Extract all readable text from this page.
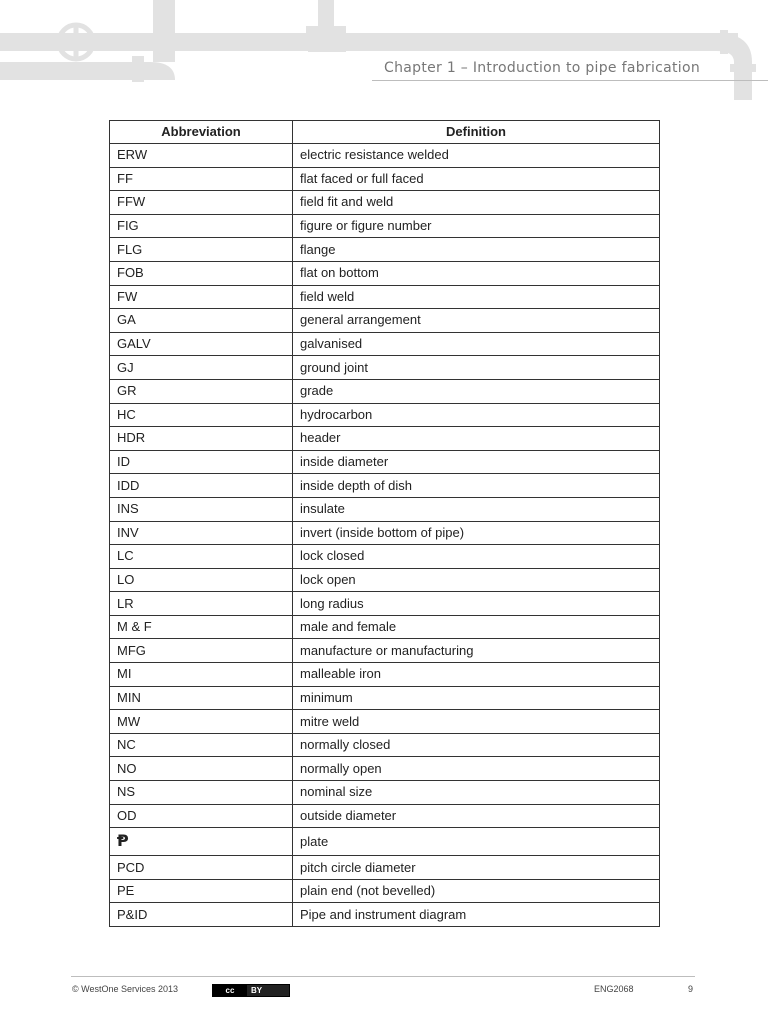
Chapter 1 – Introduction to pipe fabrication
Abbreviation	Definition
ERW	electric resistance welded
FF	flat faced or full faced
FFW	field fit and weld
FIG	figure or figure number
FLG	flange
FOB	flat on bottom
FW	field weld
GA	general arrangement
GALV	galvanised
GJ	ground joint
GR	grade
HC	hydrocarbon
HDR	header
ID	inside diameter
IDD	inside depth of dish
INS	insulate
INV	invert (inside bottom of pipe)
LC	lock closed
LO	lock open
LR	long radius
M & F	male and female
MFG	manufacture or manufacturing
MI	malleable iron
MIN	minimum
MW	mitre weld
NC	normally closed
NO	normally open
NS	nominal size
OD	outside diameter
Ᵽ	plate
PCD	pitch circle diameter
PE	plain end (not bevelled)
P&ID	Pipe and instrument diagram
© WestOne Services 2013	cc	BY	ENG2068	9
